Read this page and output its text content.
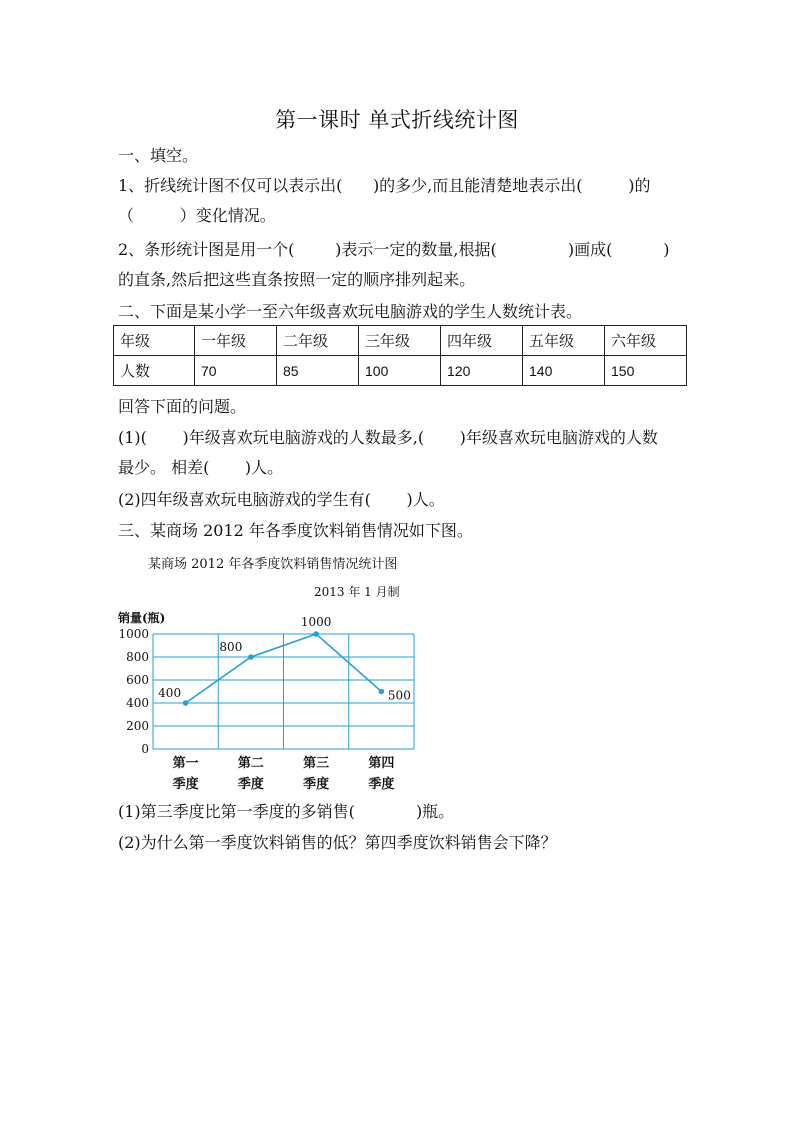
第一课时 单式折线统计图
一、填空。
1、折线统计图不仅可以表示出(      )的多少,而且能清楚地表示出(         )的
（         ）变化情况。
2、条形统计图是用一个(        )表示一定的数量,根据(              )画成(          )
的直条,然后把这些直条按照一定的顺序排列起来。
二、下面是某小学一至六年级喜欢玩电脑游戏的学生人数统计表。
年级	一年级	二年级	三年级	四年级	五年级	六年级
人数	70	85	100	120	140	150
回答下面的问题。
(1)(       )年级喜欢玩电脑游戏的人数最多,(       )年级喜欢玩电脑游戏的人数
最少。 相差(       )人。
(2)四年级喜欢玩电脑游戏的学生有(       )人。
三、某商场 2012 年各季度饮料销售情况如下图。
某商场 2012 年各季度饮料销售情况统计图
2013 年 1 月制
0
200
400
600
800
1000
销量(瓶)
400
800
1000
500
第一
季度
第二
季度
第三
季度
第四
季度
(1)第三季度比第一季度的多销售(            )瓶。
(2)为什么第一季度饮料销售的低？第四季度饮料销售会下降？
